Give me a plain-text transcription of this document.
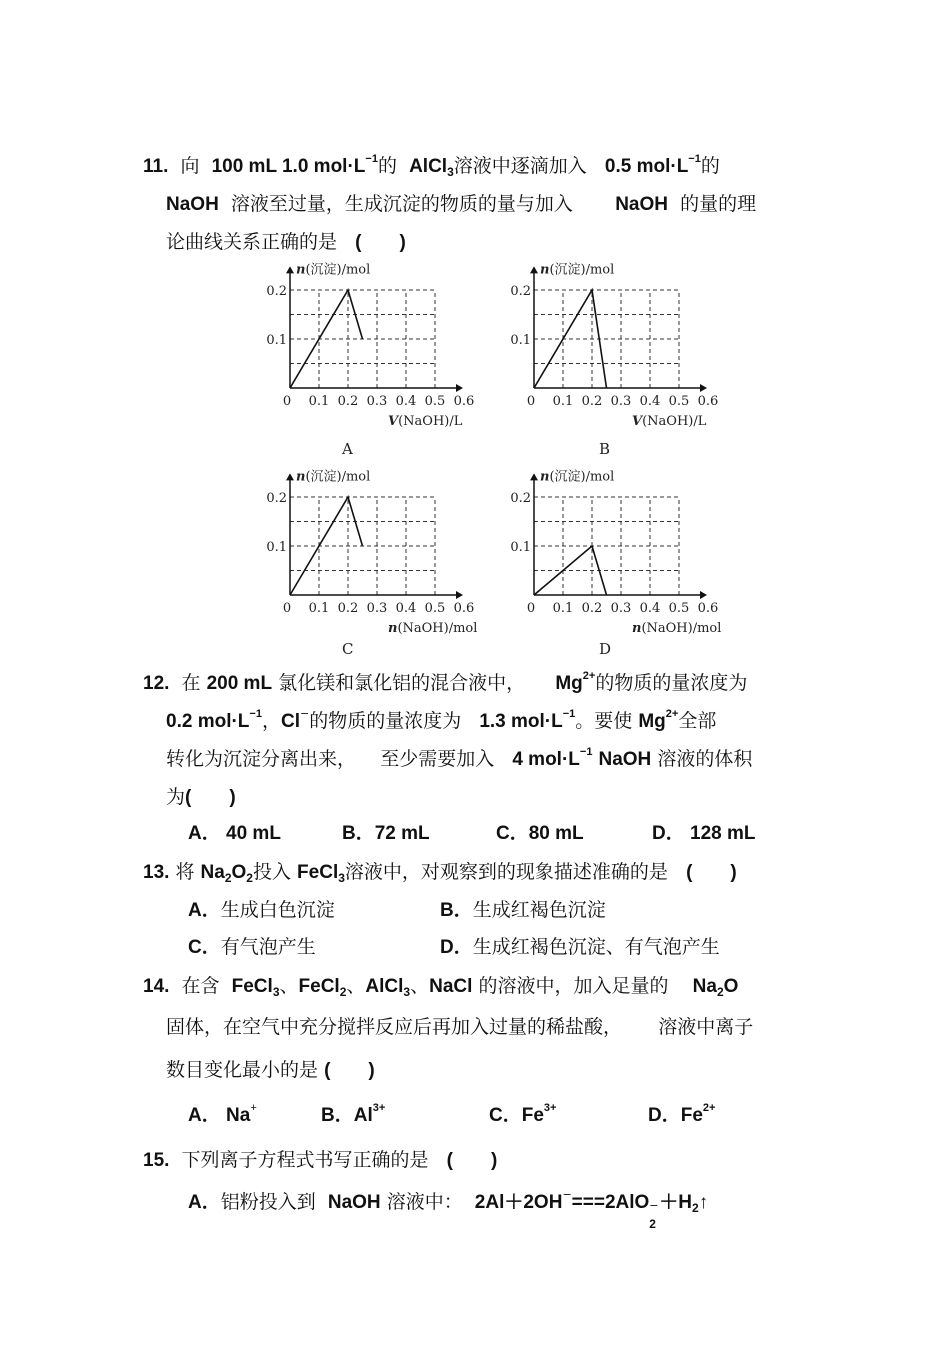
11. 向 100 mL 1.0 $mol\cdot L^{-1}$的 AlCl$_3$溶液中逐滴加入 0.5 $mol\cdot L^{-1}$的
NaOH 溶液至过量，生成沉淀的物质的量与加入 NaOH 的量的理
论曲线关系正确的是 (　　)
0 0.1 0.2 0.3 0.4 0.5 0.6
0.1
0.2
n(沉淀)/mol
V(NaOH)/L
0 0.1 0.2 0.3 0.4 0.5 0.6
0.1
0.2
n(沉淀)/mol
V(NaOH)/L
0 0.1 0.2 0.3 0.4 0.5 0.6
0.1
0.2
n(沉淀)/mol
n(NaOH)/mol
0 0.1 0.2 0.3 0.4 0.5 0.6
0.1
0.2
n(沉淀)/mol
n(NaOH)/mol
A	B
C	D
12. 在 200 mL 氯化镁和氯化铝的混合液中， $Mg^{2+}$的物质的量浓度为
0.2 $mol\cdot L^{-1}$，Cl−的物质的量浓度为 1.3 $mol\cdot L^{-1}$。要使 $Mg^{2+}$全部
转化为沉淀分离出来， 至少需要加入 4 $mol\cdot L^{-1}$ NaOH 溶液的体积
为(　　)
A． 40 mL	B．72 mL	C．80 mL	D． 128 mL
13. 将 $Na_2O_2$投入 FeCl$_3$溶液中，对观察到的现象描述准确的是 (　　)
A．生成白色沉淀	B．生成红褐色沉淀
C．有气泡产生	D．生成红褐色沉淀、有气泡产生
14. 在含 FeCl$_3$、FeCl$_2$、AlCl$_3$、NaCl 的溶液中，加入足量的 $Na_2O$
固体，在空气中充分搅拌反应后再加入过量的稀盐酸， 溶液中离子
数目变化最小的是 (　　)
A． Na+	B．$Al^{3+}$	C．$Fe^{3+}$	D．$Fe^{2+}$
15. 下列离子方程式书写正确的是 (　　)
A．铝粉投入到 NaOH 溶液中： 2Al＋2OH−===2AlO −
2
$+H_2↑$
